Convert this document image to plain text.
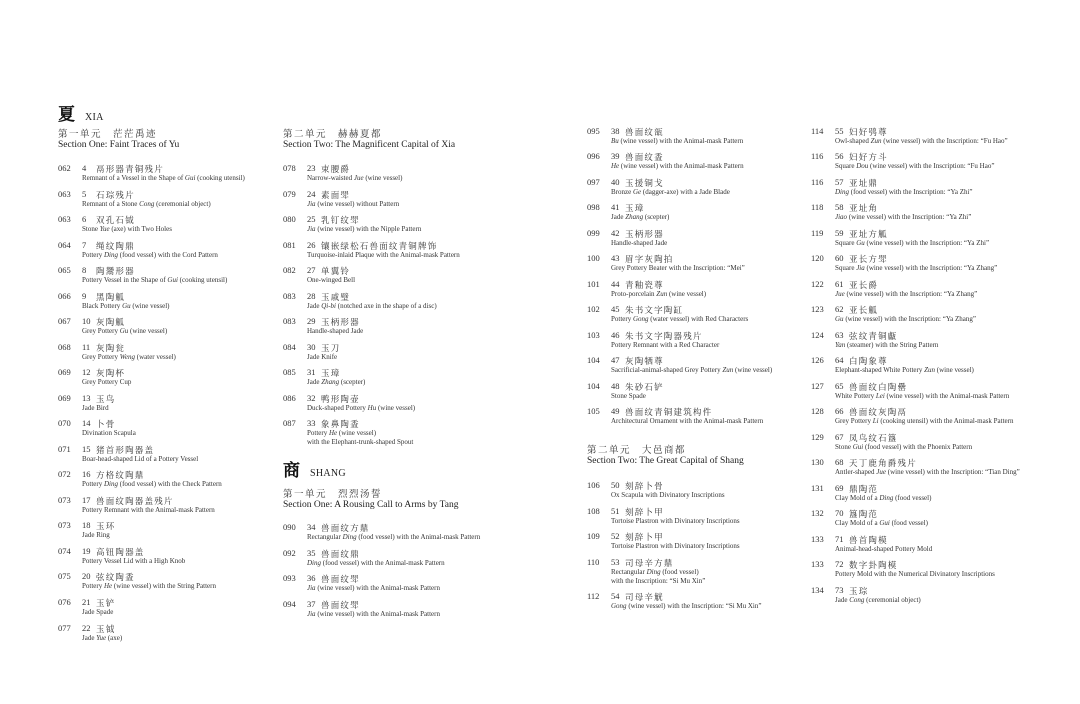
夏 XIA
第一单元　茫茫禹迹
Section One: Faint Traces of Yu
062 4 鬲形器青铜残片
Remnant of a Vessel in the Shape of Gui (cooking utensil)
063 5 石琮残片
Remnant of a Stone Cong (ceremonial object)
063 6 双孔石钺
Stone Yue (axe) with Two Holes
064 7 绳纹陶鼎
Pottery Ding (food vessel) with the Cord Pattern
065 8 陶鬶形器
Pottery Vessel in the Shape of Gui (cooking utensil)
066 9 黑陶觚
Black Pottery Gu (wine vessel)
067 10 灰陶觚
Grey Pottery Gu (wine vessel)
068 11 灰陶瓮
Grey Pottery Weng (water vessel)
069 12 灰陶杯
Grey Pottery Cup
069 13 玉鸟
Jade Bird
070 14 卜骨
Divination Scapula
071 15 猪首形陶器盖
Boar-head-shaped Lid of a Pottery Vessel
072 16 方格纹陶鼎
Pottery Ding (food vessel) with the Check Pattern
073 17 兽面纹陶器盖残片
Pottery Remnant with the Animal-mask Pattern
073 18 玉环
Jade Ring
074 19 高钮陶器盖
Pottery Vessel Lid with a High Knob
075 20 弦纹陶盉
Pottery He (wine vessel) with the String Pattern
076 21 玉铲
Jade Spade
077 22 玉钺
Jade Yue (axe)
第二单元　赫赫夏都
Section Two: The Magnificent Capital of Xia
078 23 束腰爵
Narrow-waisted Jue (wine vessel)
079 24 素面斝
Jia (wine vessel) without Pattern
080 25 乳钉纹斝
Jia (wine vessel) with the Nipple Pattern
081 26 镶嵌绿松石兽面纹青铜牌饰
Turquoise-inlaid Plaque with the Animal-mask Pattern
082 27 单翼铃
One-winged Bell
083 28 玉戚璧
Jade Qi-bi (notched axe in the shape of a disc)
083 29 玉柄形器
Handle-shaped Jade
084 30 玉刀
Jade Knife
085 31 玉璋
Jade Zhang (scepter)
086 32 鸭形陶壶
Duck-shaped Pottery Hu (wine vessel)
087 33 象鼻陶盉
Pottery He (wine vessel)
with the Elephant-trunk-shaped Spout
商 SHANG
第一单元　烈烈汤誓
Section One: A Rousing Call to Arms by Tang
090 34 兽面纹方鼎
Rectangular Ding (food vessel) with the Animal-mask Pattern
092 35 兽面纹鼎
Ding (food vessel) with the Animal-mask Pattern
093 36 兽面纹斝
Jia (wine vessel) with the Animal-mask Pattern
094 37 兽面纹斝
Jia (wine vessel) with the Animal-mask Pattern
095 38 兽面纹瓿
Bu (wine vessel) with the Animal-mask Pattern
096 39 兽面纹盉
He (wine vessel) with the Animal-mask Pattern
097 40 玉援铜戈
Bronze Ge (dagger-axe) with a Jade Blade
098 41 玉璋
Jade Zhang (scepter)
099 42 玉柄形器
Handle-shaped Jade
100 43 眉字灰陶拍
Grey Pottery Beater with the Inscription: “Mei”
101 44 青釉瓷尊
Proto-porcelain Zun (wine vessel)
102 45 朱书文字陶缸
Pottery Gong (water vessel) with Red Characters
103 46 朱书文字陶器残片
Pottery Remnant with a Red Character
104 47 灰陶牺尊
Sacrificial-animal-shaped Grey Pottery Zun (wine vessel)
104 48 朱砂石铲
Stone Spade
105 49 兽面纹青铜建筑构件
Architectural Ornament with the Animal-mask Pattern
第二单元　大邑商都
Section Two: The Great Capital of Shang
106 50 刻辞卜骨
Ox Scapula with Divinatory Inscriptions
108 51 刻辞卜甲
Tortoise Plastron with Divinatory Inscriptions
109 52 刻辞卜甲
Tortoise Plastron with Divinatory Inscriptions
110 53 司母辛方鼎
Rectangular Ding (food vessel)
with the Inscription: “Si Mu Xin”
112 54 司母辛觥
Gong (wine vessel) with the Inscription: “Si Mu Xin”
114 55 妇好鸮尊
Owl-shaped Zun (wine vessel) with the Inscription: “Fu Hao”
116 56 妇好方斗
Square Dou (wine vessel) with the Inscription: “Fu Hao”
116 57 亚址鼎
Ding (food vessel) with the Inscription: “Ya Zhi”
118 58 亚址角
Jiao (wine vessel) with the Inscription: “Ya Zhi”
119 59 亚址方觚
Square Gu (wine vessel) with the Inscription: “Ya Zhi”
120 60 亚长方斝
Square Jia (wine vessel) with the Inscription: “Ya Zhang”
122 61 亚长爵
Jue (wine vessel) with the Inscription: “Ya Zhang”
123 62 亚长觚
Gu (wine vessel) with the Inscription: “Ya Zhang”
124 63 弦纹青铜甗
Yan (steamer) with the String Pattern
126 64 白陶象尊
Elephant-shaped White Pottery Zun (wine vessel)
127 65 兽面纹白陶罍
White Pottery Lei (wine vessel) with the Animal-mask Pattern
128 66 兽面纹灰陶鬲
Grey Pottery Li (cooking utensil) with the Animal-mask Pattern
129 67 凤鸟纹石簋
Stone Gui (food vessel) with the Phoenix Pattern
130 68 天丁鹿角爵残片
Antler-shaped Jue (wine vessel) with the Inscription: “Tian Ding”
131 69 鼎陶范
Clay Mold of a Ding (food vessel)
132 70 簋陶范
Clay Mold of a Gui (food vessel)
133 71 兽首陶模
Animal-head-shaped Pottery Mold
133 72 数字卦陶模
Pottery Mold with the Numerical Divinatory Inscriptions
134 73 玉琮
Jade Cong (ceremonial object)
